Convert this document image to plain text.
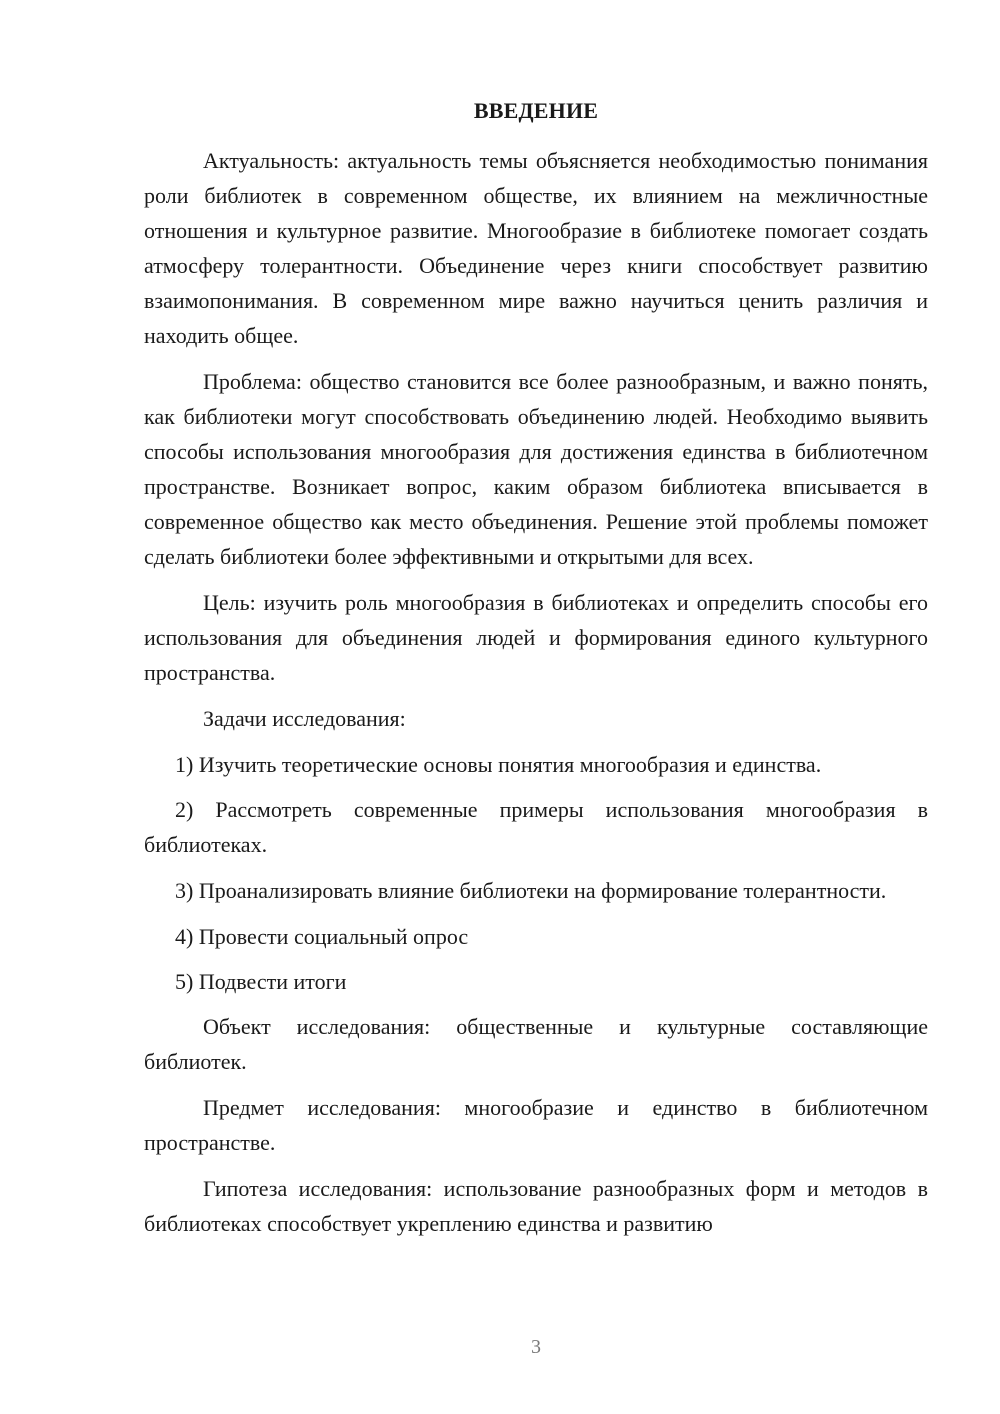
ВВЕДЕНИЕ

Актуальность: актуальность темы объясняется необходимостью понимания роли библиотек в современном обществе, их влиянием на межличностные отношения и культурное развитие. Многообразие в библиотеке помогает создать атмосферу толерантности. Объединение через книги способствует развитию взаимопонимания. В современном мире важно научиться ценить различия и находить общее.

Проблема: общество становится все более разнообразным, и важно понять, как библиотеки могут способствовать объединению людей. Необходимо выявить способы использования многообразия для достижения единства в библиотечном пространстве. Возникает вопрос, каким образом библиотека вписывается в современное общество как место объединения. Решение этой проблемы поможет сделать библиотеки более эффективными и открытыми для всех.

Цель: изучить роль многообразия в библиотеках и определить способы его использования для объединения людей и формирования единого культурного пространства.

Задачи исследования:

1) Изучить теоретические основы понятия многообразия и единства.

2) Рассмотреть современные примеры использования многообразия в библиотеках.

3) Проанализировать влияние библиотеки на формирование толерантности.

4) Провести социальный опрос

5) Подвести итоги

Объект исследования: общественные и культурные составляющие библиотек.

Предмет исследования: многообразие и единство в библиотечном пространстве.

Гипотеза исследования: использование разнообразных форм и методов в библиотеках способствует укреплению единства и развитию

3
